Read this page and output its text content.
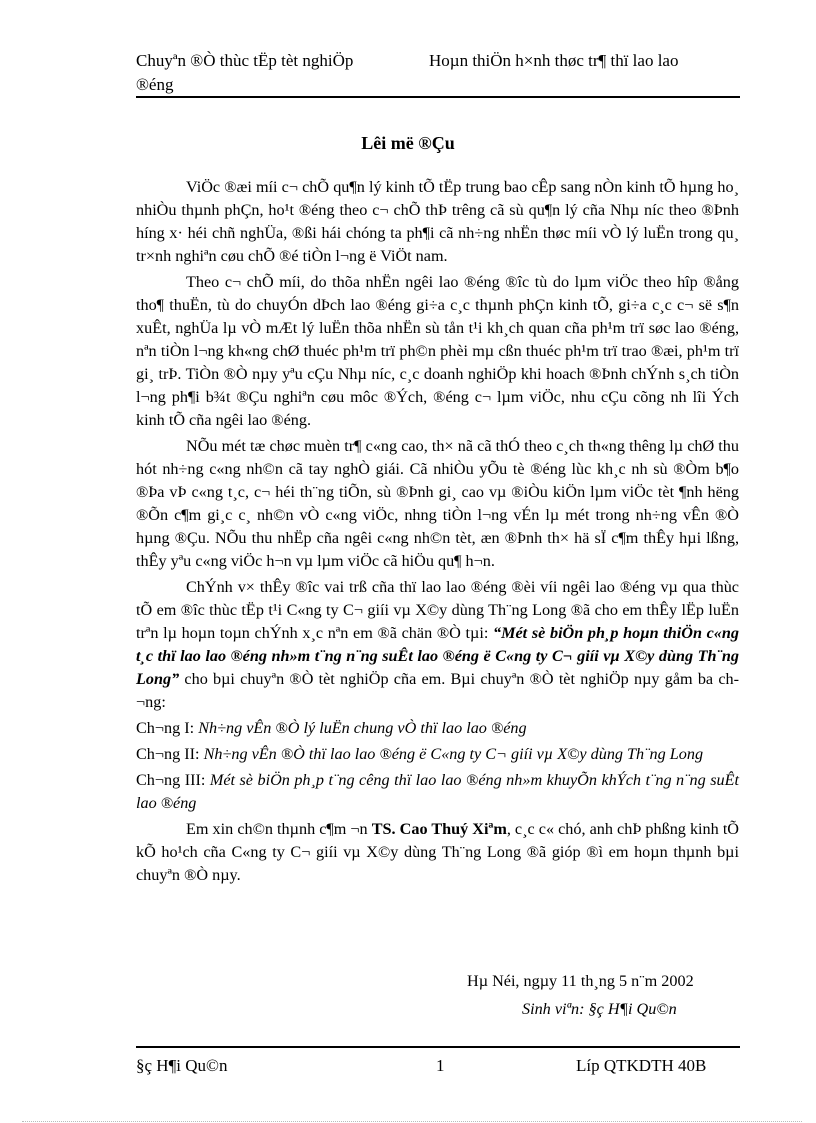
Chuyªn ®Ò thùc tËp tèt nghiÖp	Hoµn thiÖn h×nh thøc tr¶ thï lao lao
®éng
Lêi më ®Çu

ViÖc ®æi míi c¬ chÕ qu¶n lý kinh tÕ tËp trung bao cÊp sang nÒn kinh tÕ hµng ho¸ nhiÒu thµnh phÇn, ho¹t ®éng theo c¬ chÕ thÞ trêng cã sù qu¶n lý cña Nhµ níc theo ®Þnh híng x· héi chñ nghÜa, ®ßi hái chóng ta ph¶i cã nh÷ng nhËn thøc míi vÒ lý luËn trong qu¸ tr×nh nghiªn cøu chÕ ®é tiÒn l¬ng ë ViÖt nam.

Theo c¬ chÕ míi, do thõa nhËn ngêi lao ®éng ®îc tù do lµm viÖc theo hîp ®ång tho¶ thuËn, tù do chuyÓn dÞch lao ®éng gi÷a c¸c thµnh phÇn kinh tÕ, gi÷a c¸c c¬ së s¶n xuÊt, nghÜa lµ vÒ mÆt lý luËn thõa nhËn sù tån t¹i kh¸ch quan cña ph¹m trï søc lao ®éng, nªn tiÒn l¬ng kh«ng chØ thuéc ph¹m trï ph©n phèi mµ cßn thuéc ph¹m trï trao ®æi, ph¹m trï gi¸ trÞ. TiÒn ®Ò nµy yªu cÇu Nhµ níc, c¸c doanh nghiÖp khi hoach ®Þnh chÝnh s¸ch tiÒn l¬ng ph¶i b¾t ®Çu nghiªn cøu môc ®Ých, ®éng c¬ lµm viÖc, nhu cÇu cõng nh lîi Ých kinh tÕ cña ngêi lao ®éng.

NÕu mét tæ chøc muèn tr¶ c«ng cao, th× nã cã thÓ theo c¸ch th«ng thêng lµ chØ thu hót nh÷ng c«ng nh©n cã tay nghÒ giái. Cã nhiÒu yÕu tè ®éng lùc kh¸c nh sù ®Òm b¶o ®Þa vÞ c«ng t¸c, c¬ héi th¨ng tiÕn, sù ®Þnh gi¸ cao vµ ®iÒu kiÖn lµm viÖc tèt ¶nh hëng ®Õn c¶m gi¸c c¸ nh©n vÒ c«ng viÖc, nhng tiÒn l¬ng vÉn lµ mét trong nh÷ng vÊn ®Ò hµng ®Çu. NÕu thu nhËp cña ngêi c«ng nh©n tèt, æn ®Þnh th× hä sÏ c¶m thÊy hµi lßng, thÊy yªu c«ng viÖc h¬n vµ lµm viÖc cã hiÖu qu¶ h¬n.

ChÝnh v× thÊy ®îc vai trß cña thï lao lao ®éng ®èi víi ngêi lao ®éng vµ qua thùc tÕ em ®îc thùc tËp t¹i C«ng ty C¬ giíi vµ X©y dùng Th¨ng Long ®ã cho em thÊy lËp luËn trªn lµ hoµn toµn chÝnh x¸c nªn em ®ã chän ®Ò tµi: “Mét sè biÖn ph¸p hoµn thiÖn c«ng t¸c thï lao lao ®éng nh»m t¨ng n¨ng suÊt lao ®éng ë C«ng ty C¬ giíi vµ X©y dùng Th¨ng Long” cho bµi chuyªn ®Ò tèt nghiÖp cña em. Bµi chuyªn ®Ò tèt nghiÖp nµy gåm ba ch¬ng:

Ch¬ng I: Nh÷ng vÊn ®Ò lý luËn chung vÒ thï lao lao ®éng

Ch¬ng II: Nh÷ng vÊn ®Ò thï lao lao ®éng ë C«ng ty C¬ giíi vµ X©y dùng Th¨ng Long

Ch¬ng III: Mét sè biÖn ph¸p t¨ng cêng thï lao lao ®éng nh»m khuyÕn khÝch t¨ng n¨ng suÊt lao ®éng

Em xin ch©n thµnh c¶m ¬n TS. Cao Thuý Xiªm, c¸c c« chó, anh chÞ phßng kinh tÕ kÕ ho¹ch cña C«ng ty C¬ giíi vµ X©y dùng Th¨ng Long ®ã gióp ®ì em hoµn thµnh bµi chuyªn ®Ò nµy.

Hµ Néi, ngµy 11 th¸ng 5 n¨m 2002
Sinh viªn: §ç H¶i Qu©n
§ç H¶i Qu©n	1	Líp QTKDTH 40B
